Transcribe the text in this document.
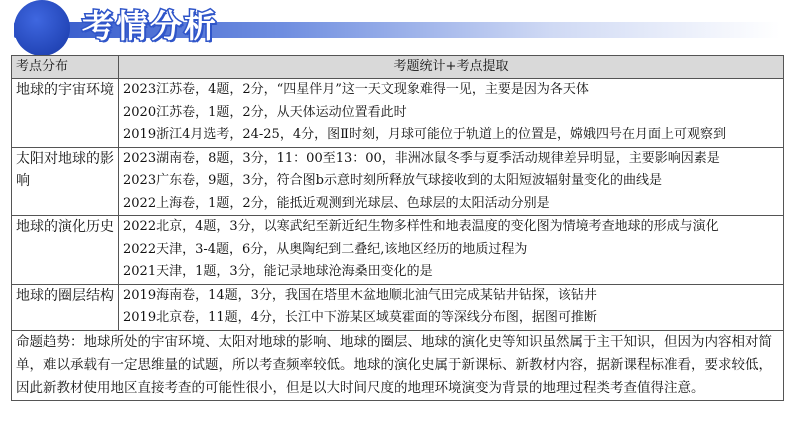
考情分析
考点分布	考题统计+考点提取
地球的宇宙环境	2023江苏卷，4题，2分，“四星伴月”这一天文现象难得一见，主要是因为各天体
2020江苏卷，1题，2分，从天体运动位置看此时
2019浙江4月选考，24-25，4分，图Ⅱ时刻，月球可能位于轨道上的位置是，嫦娥四号在月面上可观察到

太阳对地球的影响	2023湖南卷，8题，3分，11：00至13：00，非洲冰鼠冬季与夏季活动规律差异明显，主要影响因素是
2023广东卷，9题，3分，符合图b示意时刻所释放气球接收到的太阳短波辐射量变化的曲线是
2022上海卷，1题，2分，能抵近观测到光球层、色球层的太阳活动分别是

地球的演化历史	2022北京，4题，3分，以寒武纪至新近纪生物多样性和地表温度的变化图为情境考查地球的形成与演化
2022天津，3-4题，6分，从奥陶纪到二叠纪,该地区经历的地质过程为
2021天津，1题，3分，能记录地球沧海桑田变化的是

地球的圈层结构	2019海南卷，14题，3分，我国在塔里木盆地顺北油气田完成某钻井钻探，该钻井
2019北京卷，11题，4分，长江中下游某区域莫霍面的等深线分布图，据图可推断

命题趋势：地球所处的宇宙环境、太阳对地球的影响、地球的圈层、地球的演化史等知识虽然属于主干知识，但因为内容相对简单，难以承载有一定思维量的试题，所以考查频率较低。地球的演化史属于新课标、新教材内容，据新课程标准看，要求较低，因此新教材使用地区直接考查的可能性很小，但是以大时间尺度的地理环境演变为背景的地理过程类考查值得注意。	
